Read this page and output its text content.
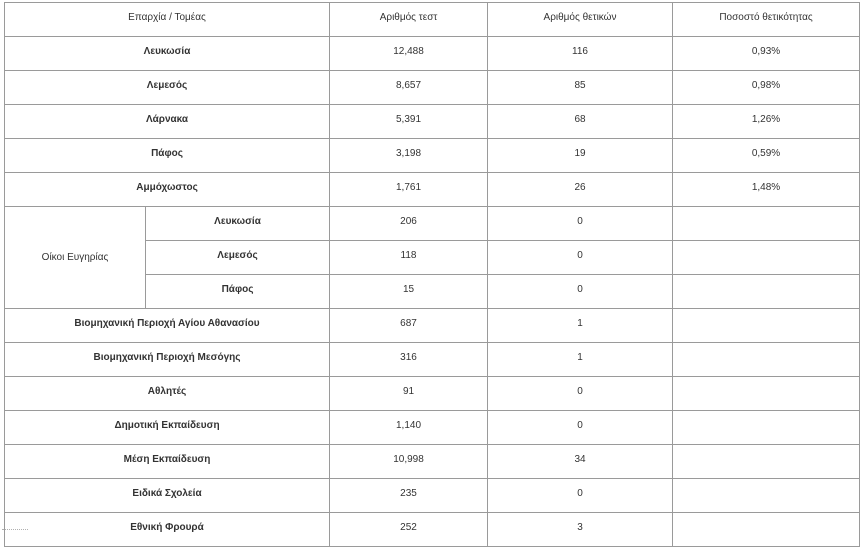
Επαρχία / Τομέας		Αριθμός τεστ	Αριθμός θετικών	Ποσοστό θετικότητας
Λευκωσία		12,488	116	0,93%
Λεμεσός		8,657	85	0,98%
Λάρνακα		5,391	68	1,26%
Πάφος		3,198	19	0,59%
Αμμόχωστος		1,761	26	1,48%
Οίκοι Ευγηρίας	Λευκωσία	206	0	
	Λεμεσός	118	0	
	Πάφος	15	0	
Βιομηχανική Περιοχή Αγίου Αθανασίου		687	1	
Βιομηχανική Περιοχή Μεσόγης		316	1	
Αθλητές		91	0	
Δημοτική Εκπαίδευση		1,140	0	
Μέση Εκπαίδευση		10,998	34	
Ειδικά Σχολεία		235	0	
Εθνική Φρουρά		252	3	
